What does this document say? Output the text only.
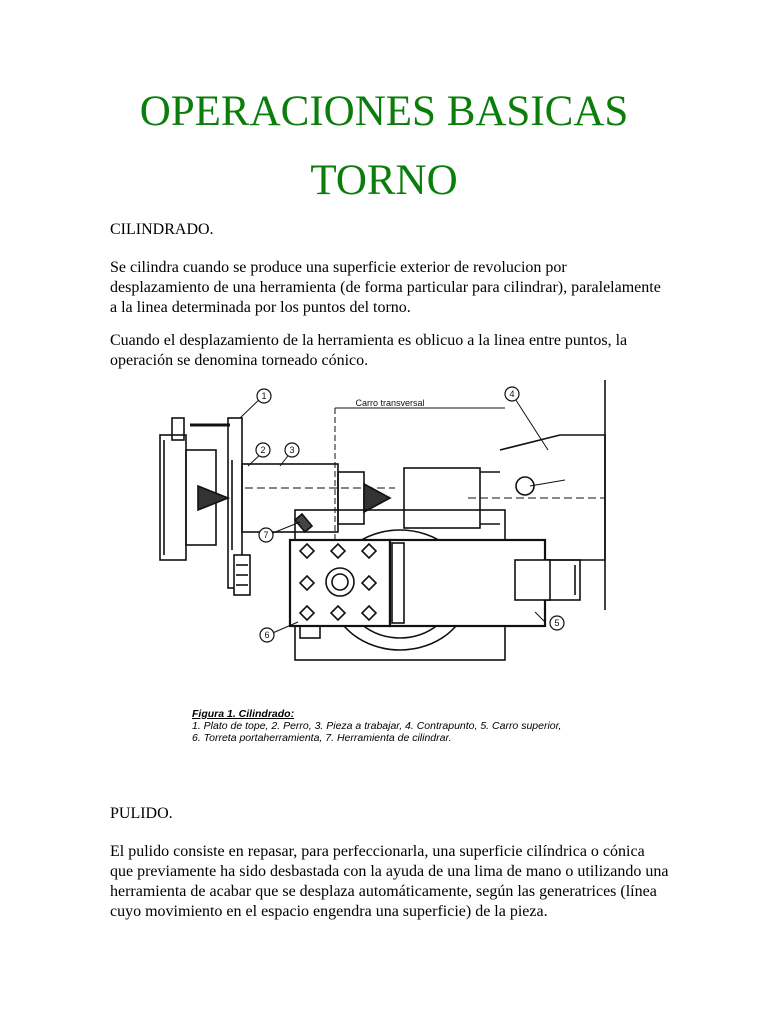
OPERACIONES BASICAS
TORNO

CILINDRADO.

Se cilindra cuando se produce una superficie exterior de revolucion por desplazamiento de una herramienta (de forma particular para cilindrar), paralelamente a la linea determinada por los puntos del torno.

Cuando el desplazamiento de la herramienta es oblicuo a la linea entre puntos, la operación se denomina torneado cónico.

Carro transversal
1
2	3
4
5
6
7
Figura 1. Cilindrado:
1. Plato de tope, 2. Perro, 3. Pieza a trabajar, 4. Contrapunto, 5. Carro superior,
6. Torreta portaherramienta, 7. Herramienta de cilindrar.

PULIDO.

El pulido consiste en repasar, para perfeccionarla, una superficie cilíndrica o cónica que previamente ha sido desbastada con la ayuda de una lima de mano o utilizando una herramienta de acabar que se desplaza automáticamente, según las generatrices (línea cuyo movimiento en el espacio engendra una superficie) de la pieza.
